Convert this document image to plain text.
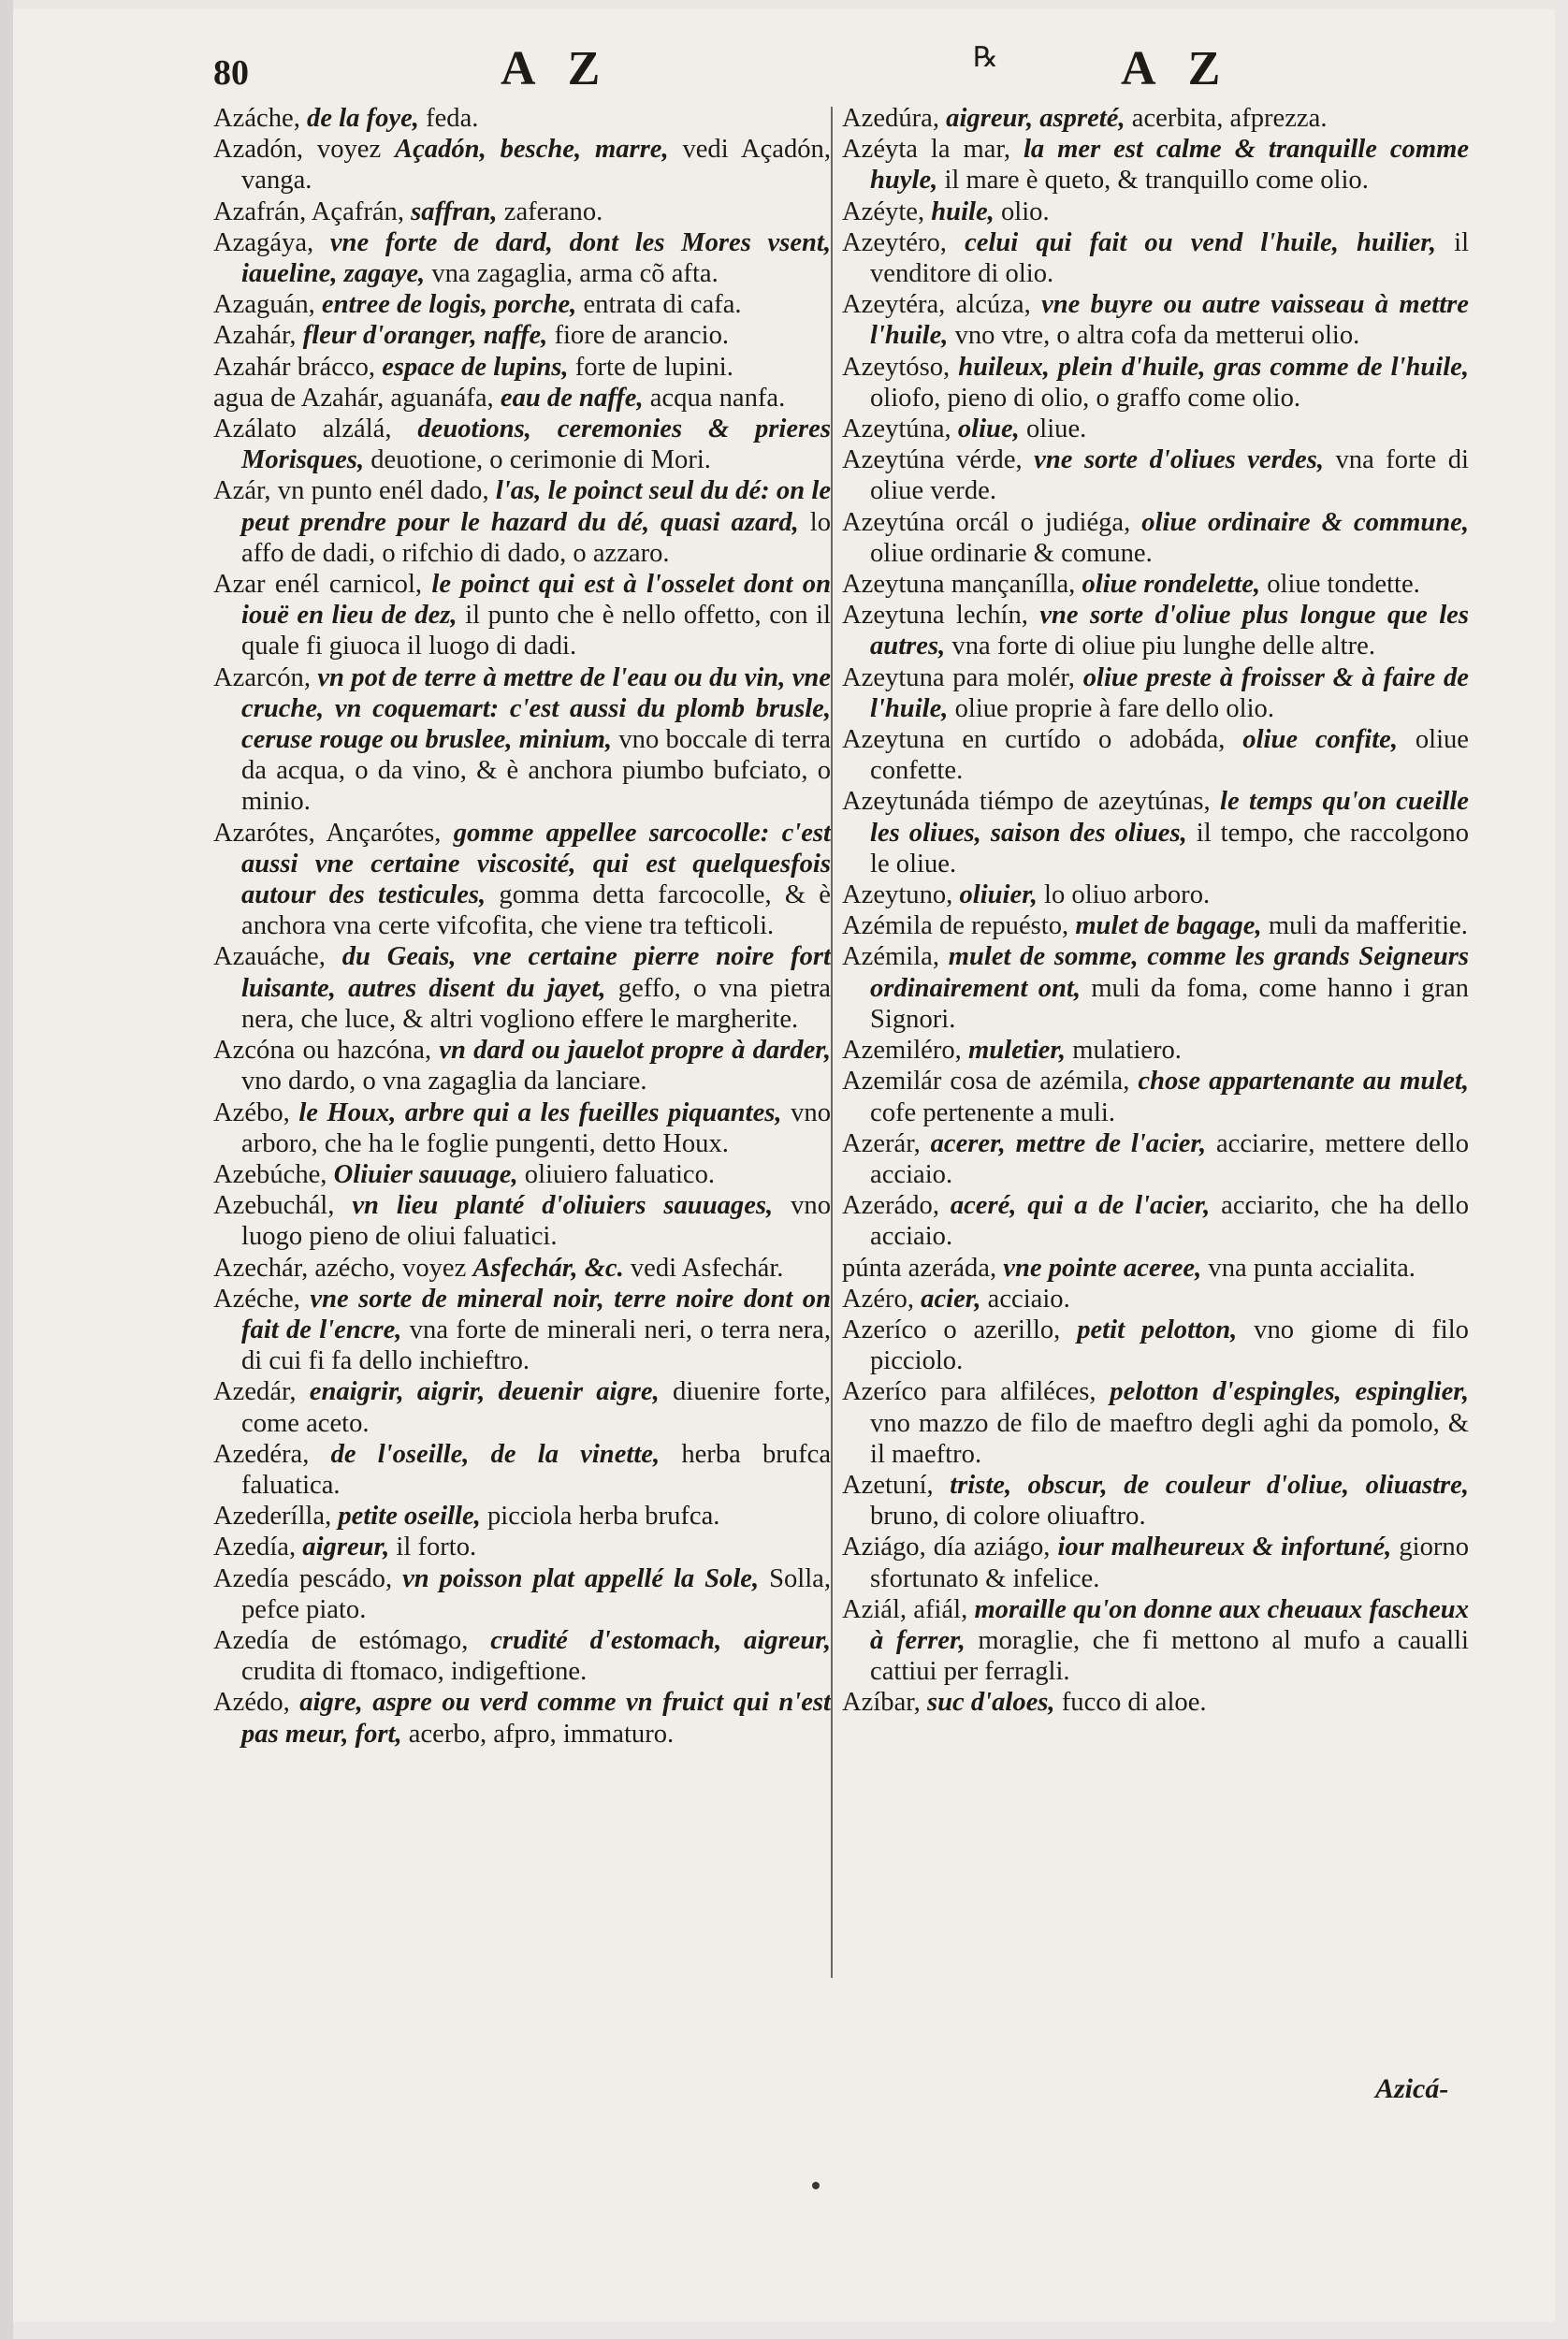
80	A Z	℞	A Z

Azáche, de la foye, feda.

Azadón, voyez Açadón, besche, marre, vedi Açadón, vanga.

Azafrán, Açafrán, saffran, zaferano.

Azagáya, vne forte de dard, dont les Mores vsent, iaueline, zagaye, vna zagaglia, arma cõ afta.

Azaguán, entree de logis, porche, entrata di cafa.

Azahár, fleur d'oranger, naffe, fiore de arancio.

Azahár brácco, espace de lupins, forte de lupini.

agua de Azahár, aguanáfa, eau de naffe, acqua nanfa.

Azálato alzálá, deuotions, ceremonies & prieres Morisques, deuotione, o cerimonie di Mori.

Azár, vn punto enél dado, l'as, le poinct seul du dé: on le peut prendre pour le hazard du dé, quasi azard, lo affo de dadi, o rifchio di dado, o azzaro.

Azar enél carnicol, le poinct qui est à l'osselet dont on iouë en lieu de dez, il punto che è nello offetto, con il quale fi giuoca il luogo di dadi.

Azarcón, vn pot de terre à mettre de l'eau ou du vin, vne cruche, vn coquemart: c'est aussi du plomb brusle, ceruse rouge ou bruslee, minium, vno boccale di terra da acqua, o da vino, & è anchora piumbo bufciato, o minio.

Azarótes, Ançarótes, gomme appellee sarcocolle: c'est aussi vne certaine viscosité, qui est quelquesfois autour des testicules, gomma detta farcocolle, & è anchora vna certe vifcofita, che viene tra tefticoli.

Azauáche, du Geais, vne certaine pierre noire fort luisante, autres disent du jayet, geffo, o vna pietra nera, che luce, & altri vogliono effere le margherite.

Azcóna ou hazcóna, vn dard ou jauelot propre à darder, vno dardo, o vna zagaglia da lanciare.

Azébo, le Houx, arbre qui a les fueilles piquantes, vno arboro, che ha le foglie pungenti, detto Houx.

Azebúche, Oliuier sauuage, oliuiero faluatico.

Azebuchál, vn lieu planté d'oliuiers sauuages, vno luogo pieno de oliui faluatici.

Azechár, azécho, voyez Asfechár, &c. vedi Asfechár.

Azéche, vne sorte de mineral noir, terre noire dont on fait de l'encre, vna forte de minerali neri, o terra nera, di cui fi fa dello inchieftro.

Azedár, enaigrir, aigrir, deuenir aigre, diuenire forte, come aceto.

Azedéra, de l'oseille, de la vinette, herba brufca faluatica.

Azederílla, petite oseille, picciola herba brufca.

Azedía, aigreur, il forto.

Azedía pescádo, vn poisson plat appellé la Sole, Solla, pefce piato.

Azedía de estómago, crudité d'estomach, aigreur, crudita di ftomaco, indigeftione.

Azédo, aigre, aspre ou verd comme vn fruict qui n'est pas meur, fort, acerbo, afpro, immaturo.

Azedúra, aigreur, aspreté, acerbita, afprezza.

Azéyta la mar, la mer est calme & tranquille comme huyle, il mare è queto, & tranquillo come olio.

Azéyte, huile, olio.

Azeytéro, celui qui fait ou vend l'huile, huilier, il venditore di olio.

Azeytéra, alcúza, vne buyre ou autre vaisseau à mettre l'huile, vno vtre, o altra cofa da metterui olio.

Azeytóso, huileux, plein d'huile, gras comme de l'huile, oliofo, pieno di olio, o graffo come olio.

Azeytúna, oliue, oliue.

Azeytúna vérde, vne sorte d'oliues verdes, vna forte di oliue verde.

Azeytúna orcál o judiéga, oliue ordinaire & commune, oliue ordinarie & comune.

Azeytuna mançanílla, oliue rondelette, oliue tondette.

Azeytuna lechín, vne sorte d'oliue plus longue que les autres, vna forte di oliue piu lunghe delle altre.

Azeytuna para molér, oliue preste à froisser & à faire de l'huile, oliue proprie à fare dello olio.

Azeytuna en curtído o adobáda, oliue confite, oliue confette.

Azeytunáda tiémpo de azeytúnas, le temps qu'on cueille les oliues, saison des oliues, il tempo, che raccolgono le oliue.

Azeytuno, oliuier, lo oliuo arboro.

Azémila de repuésto, mulet de bagage, muli da mafferitie.

Azémila, mulet de somme, comme les grands Seigneurs ordinairement ont, muli da foma, come hanno i gran Signori.

Azemiléro, muletier, mulatiero.

Azemilár cosa de azémila, chose appartenante au mulet, cofe pertenente a muli.

Azerár, acerer, mettre de l'acier, acciarire, mettere dello acciaio.

Azerádo, aceré, qui a de l'acier, acciarito, che ha dello acciaio.

púnta azeráda, vne pointe aceree, vna punta accialita.

Azéro, acier, acciaio.

Azeríco o azerillo, petit pelotton, vno giome di filo picciolo.

Azeríco para alfiléces, pelotton d'espingles, espinglier, vno mazzo de filo de maeftro degli aghi da pomolo, & il maeftro.

Azetuní, triste, obscur, de couleur d'oliue, oliuastre, bruno, di colore oliuaftro.

Aziágo, día aziágo, iour malheureux & infortuné, giorno sfortunato & infelice.

Aziál, afiál, moraille qu'on donne aux cheuaux fascheux à ferrer, moraglie, che fi mettono al mufo a caualli cattiui per ferragli.

Azíbar, suc d'aloes, fucco di aloe.

Azicá-
